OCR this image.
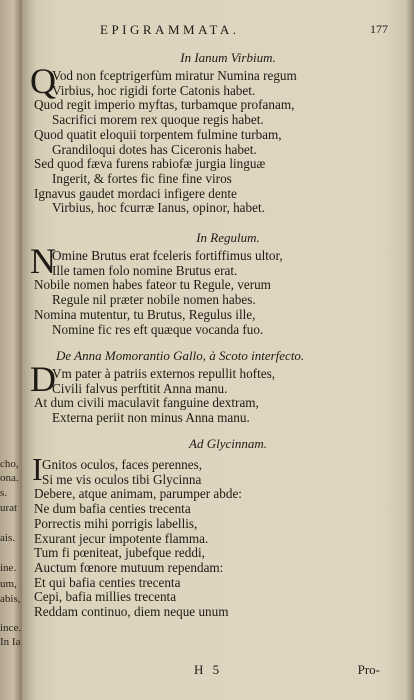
cho,
ona.
s.
urat
ais.
ine.
um,
abis,
ince.
In Ia
EPIGRAMMATA.	177
In Ianum Virbium.
Q
Vod non fceptrigerfùm miratur Numina regum
Virbius, hoc rigidi forte Catonis habet.
Quod regit imperio myftas, turbamque profanam,
Sacrifici morem rex quoque regis habet.
Quod quatit eloquii torpentem fulmine turbam,
Grandiloqui dotes has Ciceronis habet.
Sed quod fæva furens rabiofæ jurgia linguæ
Ingerit, & fortes fic fine fine viros
Ignavus gaudet mordaci infigere dente
Virbius, hoc fcurræ Ianus, opinor, habet.
In Regulum.
N
Omine Brutus erat fceleris fortiffimus ultor,
Ille tamen folo nomine Brutus erat.
Nobile nomen habes fateor tu Regule, verum
Regule nil præter nobile nomen habes.
Nomina mutentur, tu Brutus, Regulus ille,
Nomine fic res eft quæque vocanda fuo.
De Anna Momorantio Gallo, à Scoto interfecto.
D
Vm pater à patriis externos repullit hoftes,
Civili falvus perftitit Anna manu.
At dum civili maculavit fanguine dextram,
Externa periit non minus Anna manu.
Ad Glycinnam.
I Gnitos oculos, faces perennes,
Si me vis oculos tibi Glycinna
Debere, atque animam, parumper abde:
Ne dum bafia centies trecenta
Porrectis mihi porrigis labellis,
Exurant jecur impotente flamma.
Tum fi pœniteat, jubefque reddi,
Auctum fœnore mutuum rependam:
Et qui bafia centies trecenta
Cepi, bafia millies trecenta
Reddam continuo, diem neque unum
H 5	Pro-
